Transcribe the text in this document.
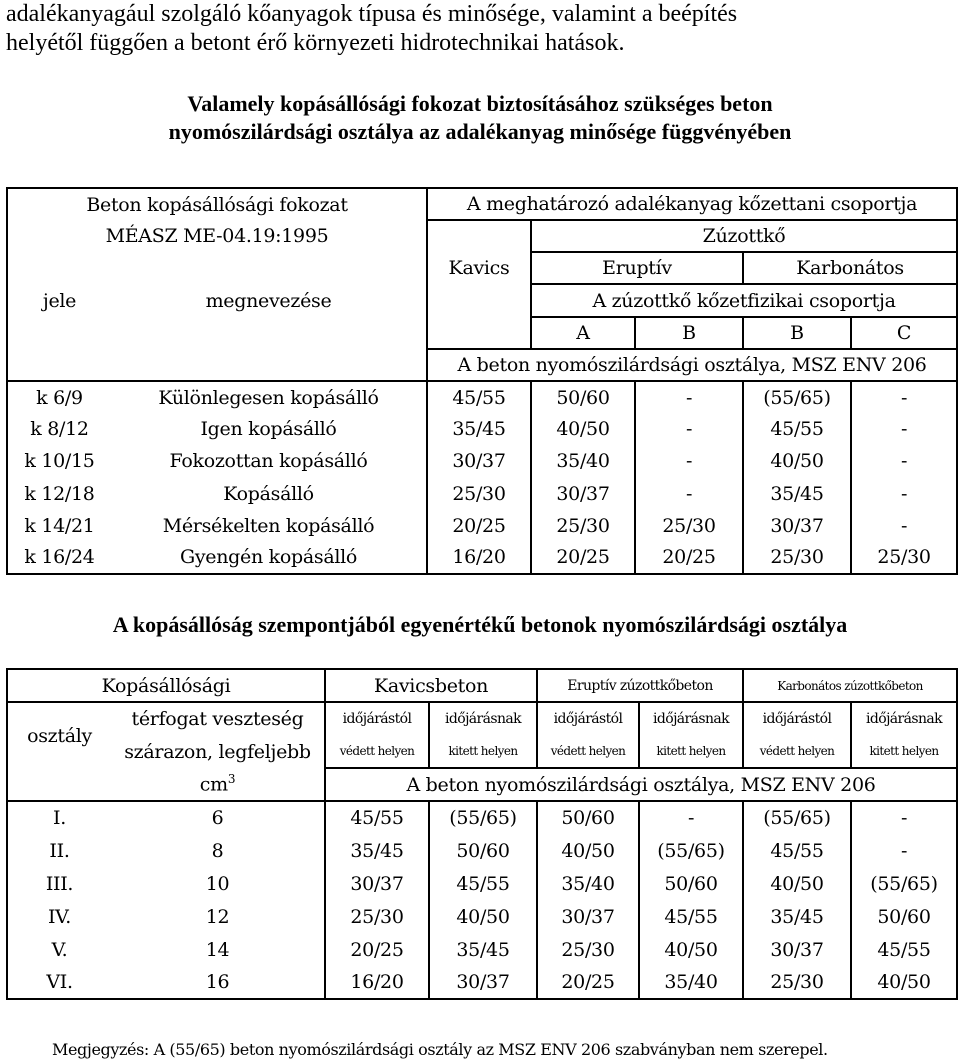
adalékanyagául szolgáló kőanyagok típusa és minősége, valamint a beépítés
helyétől függően a betont érő környezeti hidrotechnikai hatások.

Valamely kopásállósági fokozat biztosításához szükséges beton
nyomószilárdsági osztálya az adalékanyag minősége függvényében
Beton kopásállósági fokozat		A meghatározó adalékanyag kőzettani csoportja				
MÉASZ ME-04.19:1995			Zúzottkő			
jele	megnevezése	Kavics	Eruptív		Karbonátos	
			A zúzottkő kőzetfizikai csoportja			
			A	B	B	C
		A beton nyomószilárdsági osztálya, MSZ ENV 206				
k 6/9	Különlegesen kopásálló	45/55	50/60	-	(55/65)	-
k 8/12	Igen kopásálló	35/45	40/50	-	45/55	-
k 10/15	Fokozottan kopásálló	30/37	35/40	-	40/50	-
k 12/18	Kopásálló	25/30	30/37	-	35/45	-
k 14/21	Mérsékelten kopásálló	20/25	25/30	25/30	30/37	-
k 16/24	Gyengén kopásálló	16/20	20/25	20/25	25/30	25/30
A kopásállóság szempontjából egyenértékű betonok nyomószilárdsági osztálya
Kopásállósági		Kavicsbeton		Eruptív zúzottkőbeton		Karbonátos zúzottkőbeton	
osztály	térfogat veszteség	időjárástól	időjárásnak	időjárástól	időjárásnak	időjárástól	időjárásnak
	szárazon, legfeljebb	védett helyen	kitett helyen	védett helyen	kitett helyen	védett helyen	kitett helyen
	$cm^3$	A beton nyomószilárdsági osztálya, MSZ ENV 206					
I.	6	45/55	(55/65)	50/60	-	(55/65)	-
II.	8	35/45	50/60	40/50	(55/65)	45/55	-
III.	10	30/37	45/55	35/40	50/60	40/50	(55/65)
IV.	12	25/30	40/50	30/37	45/55	35/45	50/60
V.	14	20/25	35/45	25/30	40/50	30/37	45/55
VI.	16	16/20	30/37	20/25	35/40	25/30	40/50

Megjegyzés: A (55/65) beton nyomószilárdsági osztály az MSZ ENV 206 szabványban nem szerepel.
